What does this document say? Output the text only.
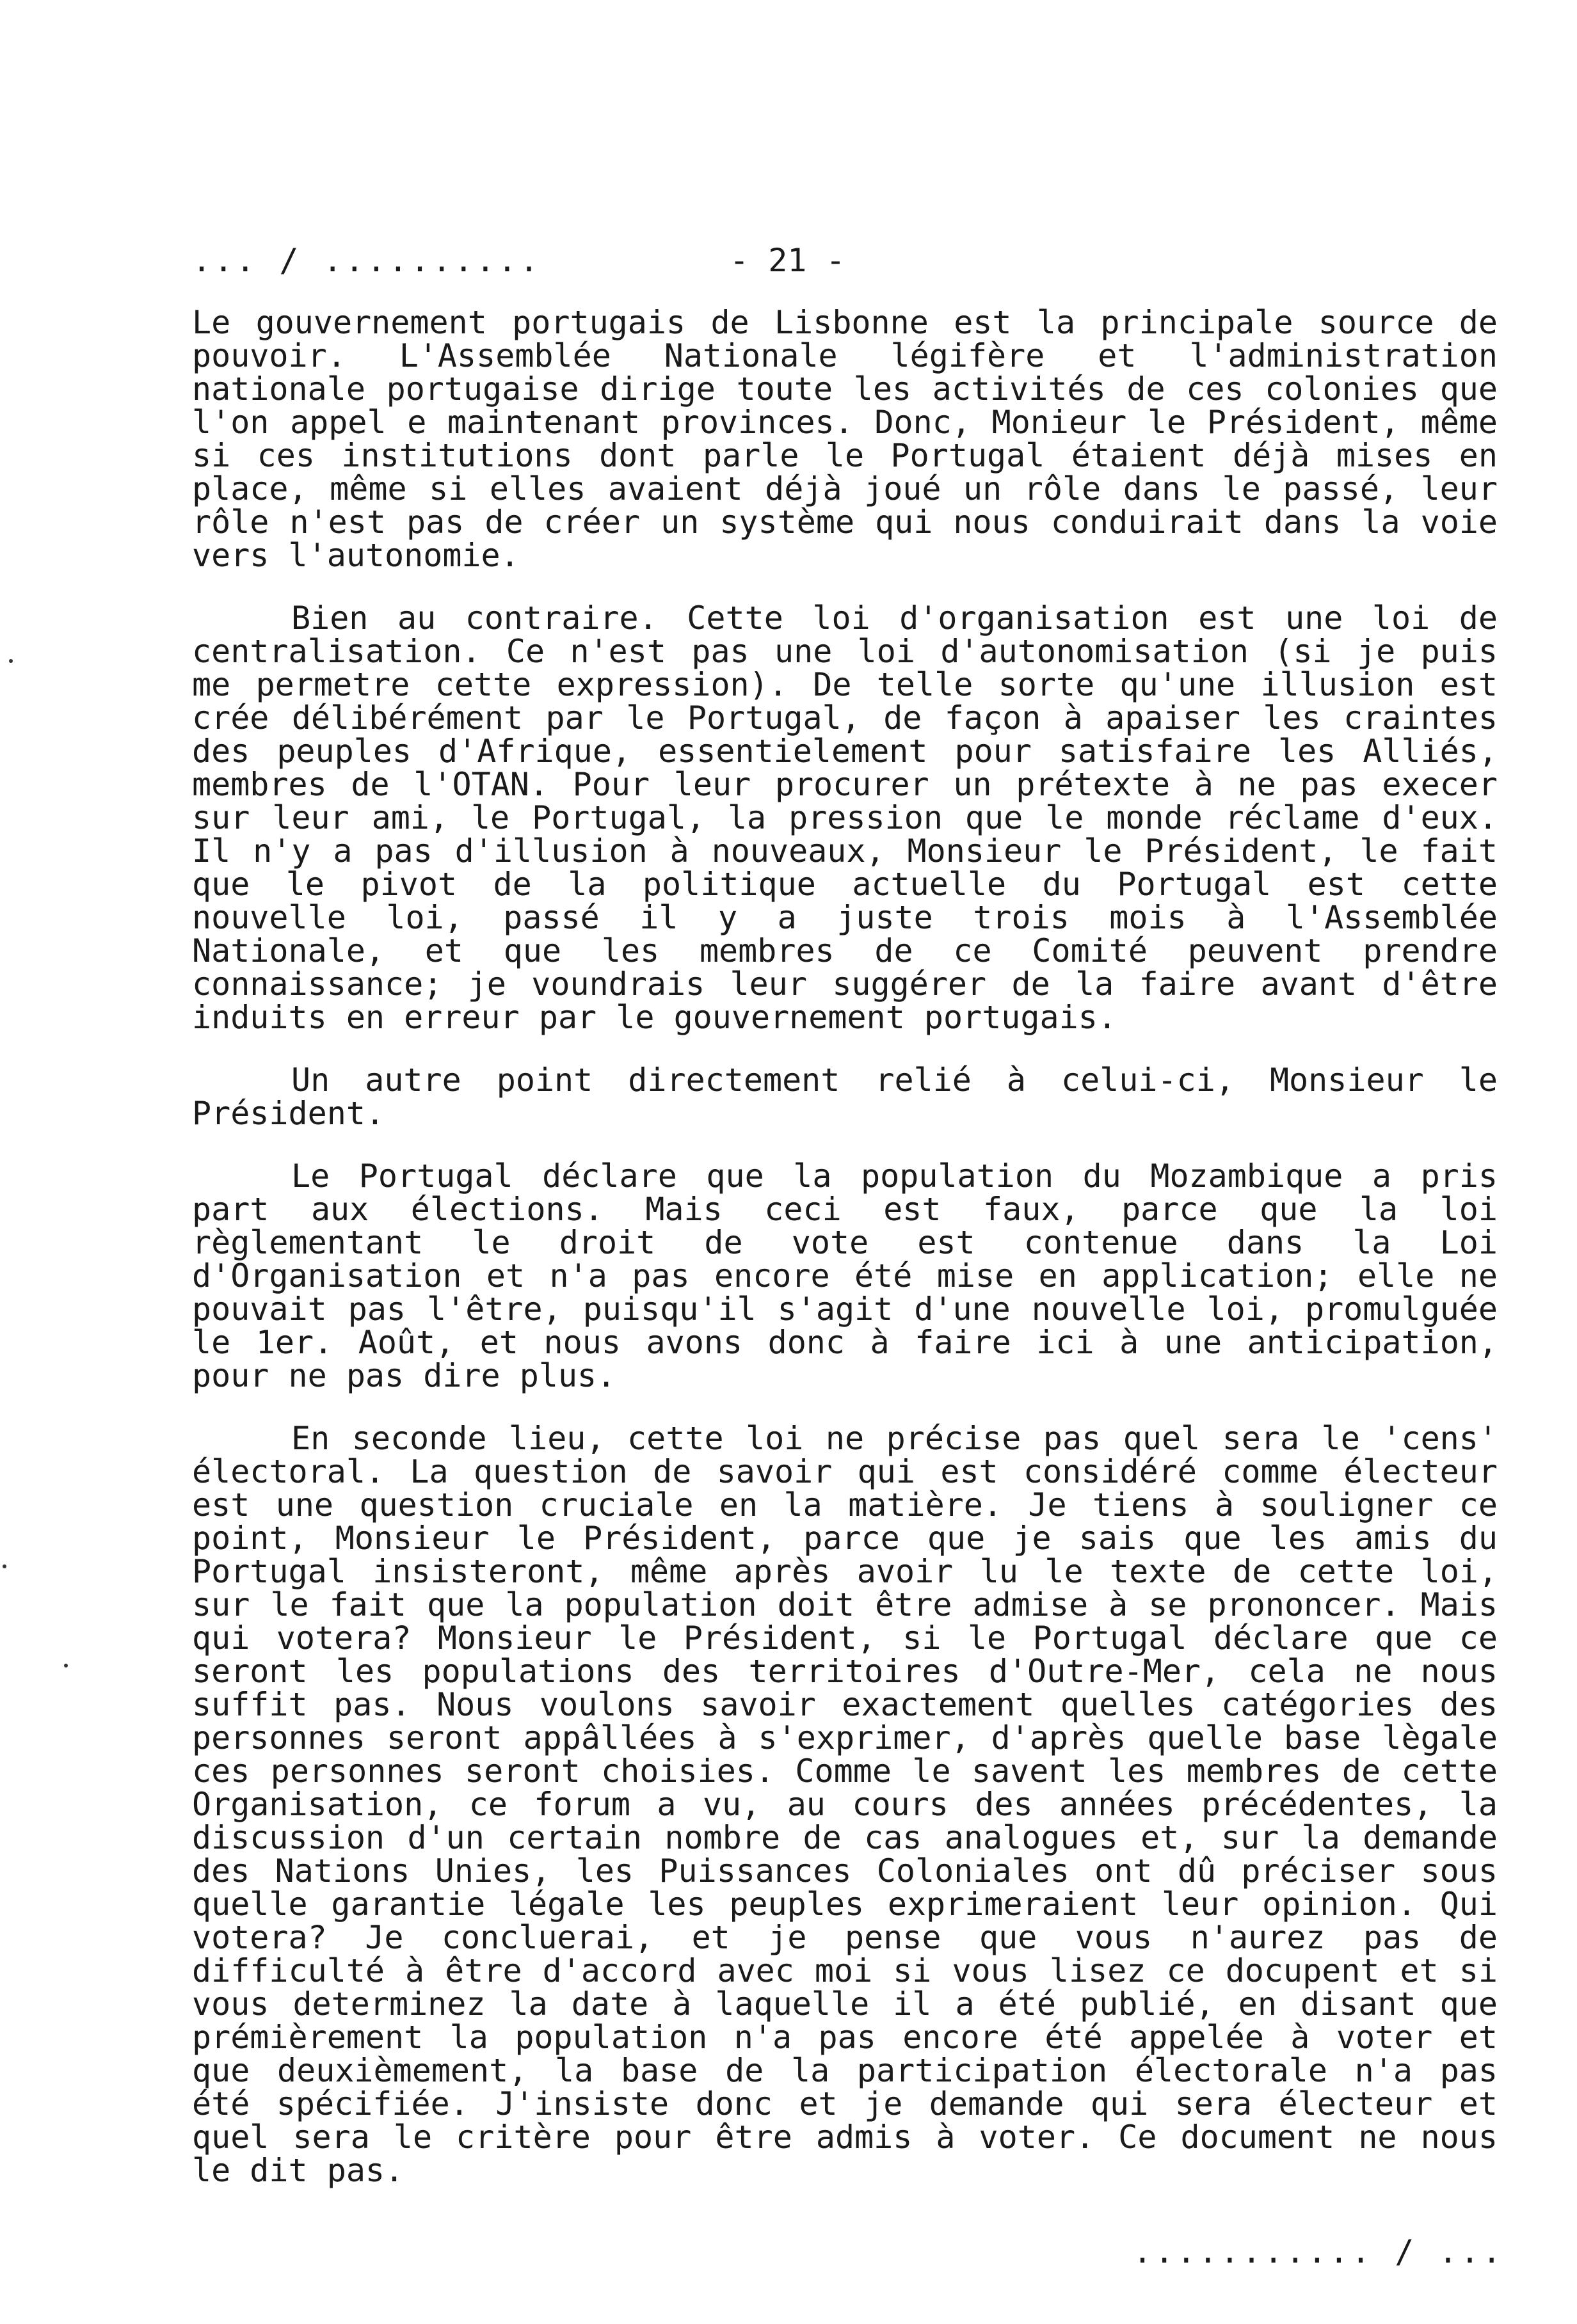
... / ..........	- 21 -

Le gouvernement portugais de Lisbonne est la principale source de pouvoir. L'Assemblée Nationale légifère et l'administration nationale portugaise dirige toute les activités de ces colonies que l'on appel e maintenant provinces. Donc, Monieur le Président, même si ces institutions dont parle le Portugal étaient déjà mises en place, même si elles avaient déjà joué un rôle dans le passé, leur rôle n'est pas de créer un système qui nous conduirait dans la voie vers l'autonomie.

Bien au contraire. Cette loi d'organisation est une loi de centralisation. Ce n'est pas une loi d'autonomisation (si je puis me permetre cette expression). De telle sorte qu'une illusion est crée délibérément par le Portugal, de façon à apaiser les craintes des peuples d'Afrique, essentielement pour satisfaire les Alliés, membres de l'OTAN. Pour leur procurer un prétexte à ne pas execer sur leur ami, le Portugal, la pression que le monde réclame d'eux. Il n'y a pas d'illusion à nouveaux, Monsieur le Président, le fait que le pivot de la politique actuelle du Portugal est cette nouvelle loi, passé il y a juste trois mois à l'Assemblée Nationale, et que les membres de ce Comité peuvent prendre connaissance; je voundrais leur suggérer de la faire avant d'être induits en erreur par le gouvernement portugais.

Un autre point directement relié à celui-ci, Monsieur le Président.

Le Portugal déclare que la population du Mozambique a pris part aux élections. Mais ceci est faux, parce que la loi règlementant le droit de vote est contenue dans la Loi d'Organisation et n'a pas encore été mise en application; elle ne pouvait pas l'être, puisqu'il s'agit d'une nouvelle loi, promulguée le 1er. Août, et nous avons donc à faire ici à une anticipation, pour ne pas dire plus.

En seconde lieu, cette loi ne précise pas quel sera le 'cens' électoral. La question de savoir qui est considéré comme électeur est une question cruciale en la matière. Je tiens à souligner ce point, Monsieur le Président, parce que je sais que les amis du Portugal insisteront, même après avoir lu le texte de cette loi, sur le fait que la population doit être admise à se prononcer. Mais qui votera? Monsieur le Président, si le Portugal déclare que ce seront les populations des territoires d'Outre-Mer, cela ne nous suffit pas. Nous voulons savoir exactement quelles catégories des personnes seront appâllées à s'exprimer, d'après quelle base lègale ces personnes seront choisies. Comme le savent les membres de cette Organisation, ce forum a vu, au cours des années précédentes, la discussion d'un certain nombre de cas analogues et, sur la demande des Nations Unies, les Puissances Coloniales ont dû préciser sous quelle garantie légale les peuples exprimeraient leur opinion. Qui votera? Je concluerai, et je pense que vous n'aurez pas de difficulté à être d'accord avec moi si vous lisez ce docupent et si vous determinez la date à laquelle il a été publié, en disant que prémièrement la population n'a pas encore été appelée à voter et que deuxièmement, la base de la participation électorale n'a pas été spécifiée. J'insiste donc et je demande qui sera électeur et quel sera le critère pour être admis à voter. Ce document ne nous le dit pas.

........... / ...
